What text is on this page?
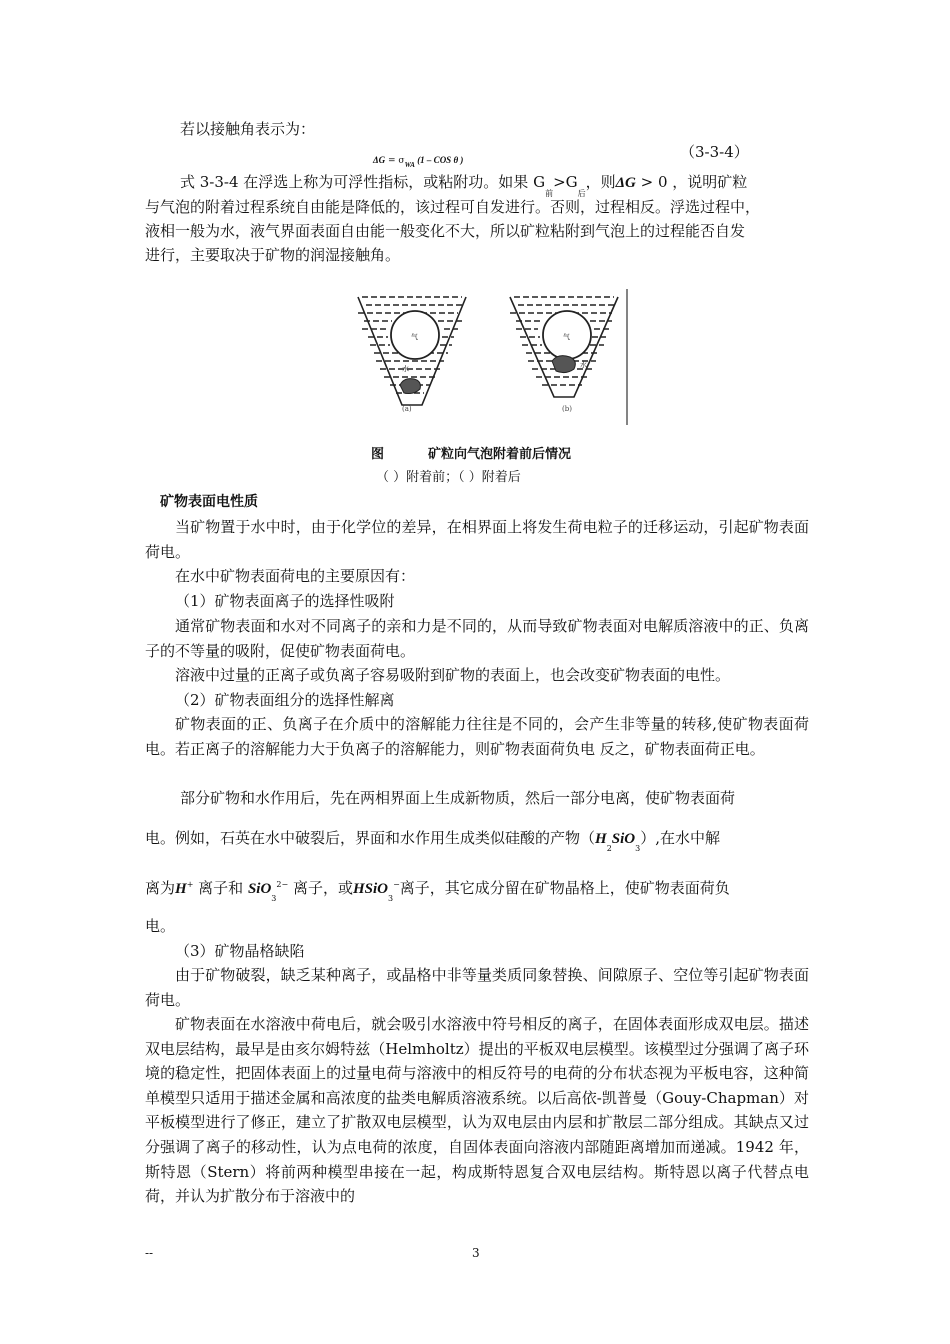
若以接触角表示为：
$\Delta G = \sigma_{WA}$ (1 – COS θ )	（3-3-4）
式 3-3-4 在浮选上称为可浮性指标，或粘附功。如果 $G_前>G_后$，则ΔG > 0 ，说明矿粒
与气泡的附着过程系统自由能是降低的，该过程可自发进行。否则，过程相反。浮选过程中，
液相一般为水，液气界面表面自由能一般变化不大，所以矿粒粘附到气泡上的过程能否自发
进行，主要取决于矿物的润湿接触角。
气
水
(a)
气
水
(b)
图	矿粒向气泡附着前后情况
（ ）附着前；（ ）附着后
矿物表面电性质

当矿物置于水中时，由于化学位的差异，在相界面上将发生荷电粒子的迁移运动，引起矿物表面荷电。

在水中矿物表面荷电的主要原因有：

（1）矿物表面离子的选择性吸附

通常矿物表面和水对不同离子的亲和力是不同的，从而导致矿物表面对电解质溶液中的正、负离子的不等量的吸附，促使矿物表面荷电。

溶液中过量的正离子或负离子容易吸附到矿物的表面上，也会改变矿物表面的电性。

（2）矿物表面组分的选择性解离

矿物表面的正、负离子在介质中的溶解能力往往是不同的，会产生非等量的转移,使矿物表面荷电。若正离子的溶解能力大于负离子的溶解能力，则矿物表面荷负电 反之，矿物表面荷正电。

部分矿物和水作用后，先在两相界面上生成新物质，然后一部分电离，使矿物表面荷
电。例如，石英在水中破裂后，界面和水作用生成类似硅酸的产物$(H_2SiO_3)$,在水中解
离为H+ 离子和 SiO$_3^{2-}$ 离子，或HSiO$_3$−离子，其它成分留在矿物晶格上，使矿物表面荷负
电。

（3）矿物晶格缺陷

由于矿物破裂，缺乏某种离子，或晶格中非等量类质同象替换、间隙原子、空位等引起矿物表面荷电。

矿物表面在水溶液中荷电后，就会吸引水溶液中符号相反的离子，在固体表面形成双电层。描述双电层结构，最早是由亥尔姆特兹（Helmholtz）提出的平板双电层模型。该模型过分强调了离子环境的稳定性，把固体表面上的过量电荷与溶液中的相反符号的电荷的分布状态视为平板电容，这种简单模型只适用于描述金属和高浓度的盐类电解质溶液系统。以后高依-凯普曼（Gouy-Chapman）对平板模型进行了修正，建立了扩散双电层模型，认为双电层由内层和扩散层二部分组成。其缺点又过分强调了离子的移动性，认为点电荷的浓度，自固体表面向溶液内部随距离增加而递减。1942 年，斯特恩（Stern）将前两种模型串接在一起，构成斯特恩复合双电层结构。斯特恩以离子代替点电荷，并认为扩散分布于溶液中的

--	3
